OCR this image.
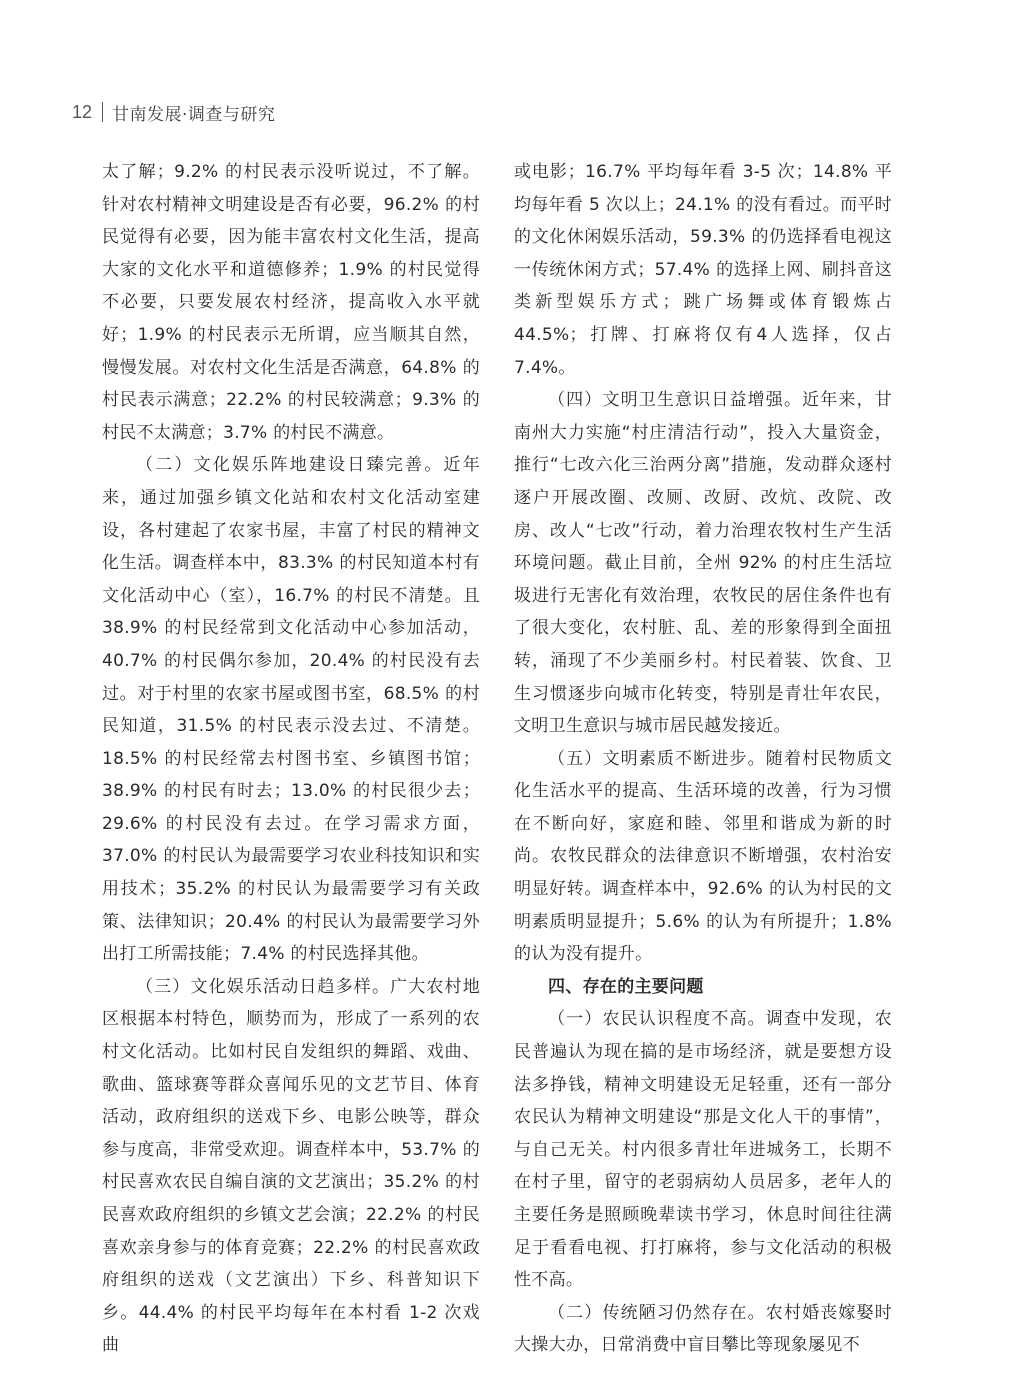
12 甘南发展·调查与研究

太了解；9.2% 的村民表示没听说过，不了解。针对农村精神文明建设是否有必要，96.2% 的村民觉得有必要，因为能丰富农村文化生活，提高大家的文化水平和道德修养；1.9% 的村民觉得不必要，只要发展农村经济，提高收入水平就好；1.9% 的村民表示无所谓，应当顺其自然，慢慢发展。对农村文化生活是否满意，64.8% 的村民表示满意；22.2% 的村民较满意；9.3% 的村民不太满意；3.7% 的村民不满意。

（二）文化娱乐阵地建设日臻完善。近年来，通过加强乡镇文化站和农村文化活动室建设，各村建起了农家书屋，丰富了村民的精神文化生活。调查样本中，83.3% 的村民知道本村有文化活动中心（室），16.7% 的村民不清楚。且38.9% 的村民经常到文化活动中心参加活动，40.7% 的村民偶尔参加，20.4% 的村民没有去过。对于村里的农家书屋或图书室，68.5% 的村民知道，31.5% 的村民表示没去过、不清楚。18.5% 的村民经常去村图书室、乡镇图书馆；38.9% 的村民有时去；13.0% 的村民很少去；29.6% 的村民没有去过。在学习需求方面，37.0% 的村民认为最需要学习农业科技知识和实用技术；35.2% 的村民认为最需要学习有关政策、法律知识；20.4% 的村民认为最需要学习外出打工所需技能；7.4% 的村民选择其他。

（三）文化娱乐活动日趋多样。广大农村地区根据本村特色，顺势而为，形成了一系列的农村文化活动。比如村民自发组织的舞蹈、戏曲、歌曲、篮球赛等群众喜闻乐见的文艺节目、体育活动，政府组织的送戏下乡、电影公映等，群众参与度高，非常受欢迎。调查样本中，53.7% 的村民喜欢农民自编自演的文艺演出；35.2% 的村民喜欢政府组织的乡镇文艺会演；22.2% 的村民喜欢亲身参与的体育竞赛；22.2% 的村民喜欢政府组织的送戏（文艺演出）下乡、科普知识下乡。44.4% 的村民平均每年在本村看 1-2 次戏曲

或电影；16.7% 平均每年看 3-5 次；14.8% 平均每年看 5 次以上；24.1% 的没有看过。而平时的文化休闲娱乐活动，59.3% 的仍选择看电视这一传统休闲方式；57.4% 的选择上网、刷抖音这类新型娱乐方式；跳广场舞或体育锻炼占44.5%；打牌、打麻将仅有4人选择，仅占7.4%。

（四）文明卫生意识日益增强。近年来，甘南州大力实施“村庄清洁行动”，投入大量资金，推行“七改六化三治两分离”措施，发动群众逐村逐户开展改圈、改厕、改厨、改炕、改院、改房、改人“七改”行动，着力治理农牧村生产生活环境问题。截止目前，全州 92% 的村庄生活垃圾进行无害化有效治理，农牧民的居住条件也有了很大变化，农村脏、乱、差的形象得到全面扭转，涌现了不少美丽乡村。村民着装、饮食、卫生习惯逐步向城市化转变，特别是青壮年农民，文明卫生意识与城市居民越发接近。

（五）文明素质不断进步。随着村民物质文化生活水平的提高、生活环境的改善，行为习惯在不断向好，家庭和睦、邻里和谐成为新的时尚。农牧民群众的法律意识不断增强，农村治安明显好转。调查样本中，92.6% 的认为村民的文明素质明显提升；5.6% 的认为有所提升；1.8% 的认为没有提升。

四、存在的主要问题

（一）农民认识程度不高。调查中发现，农民普遍认为现在搞的是市场经济，就是要想方设法多挣钱，精神文明建设无足轻重，还有一部分农民认为精神文明建设“那是文化人干的事情”，与自己无关。村内很多青壮年进城务工，长期不在村子里，留守的老弱病幼人员居多，老年人的主要任务是照顾晚辈读书学习，休息时间往往满足于看看电视、打打麻将，参与文化活动的积极性不高。

（二）传统陋习仍然存在。农村婚丧嫁娶时大操大办，日常消费中盲目攀比等现象屡见不
